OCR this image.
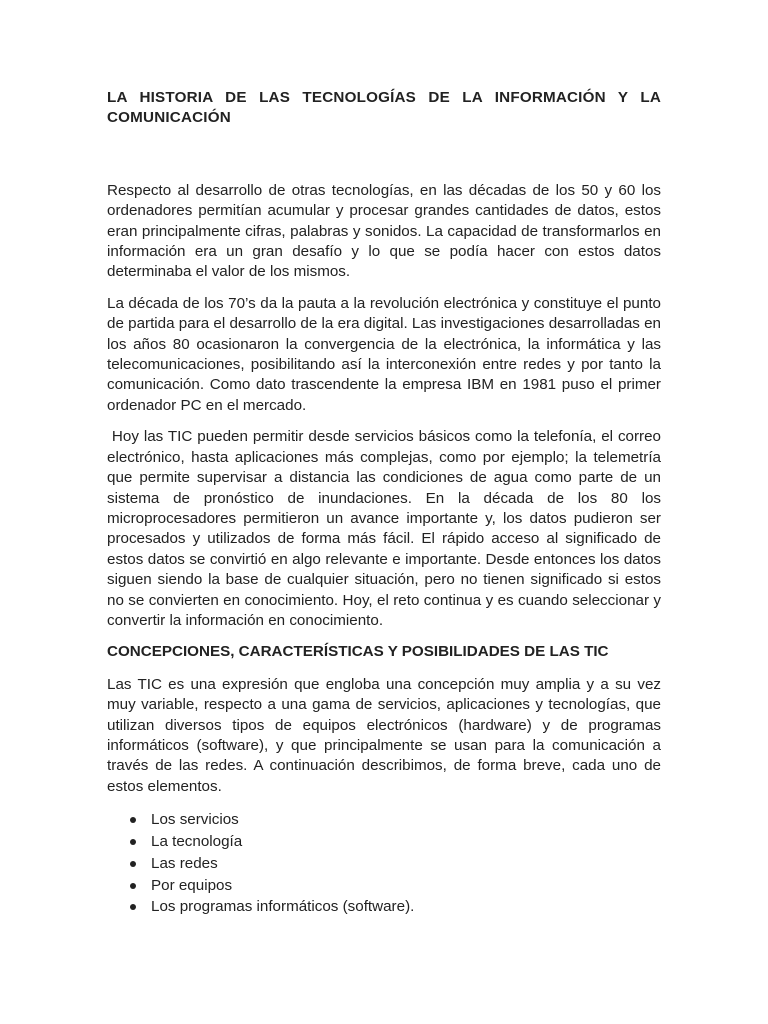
LA HISTORIA DE LAS TECNOLOGÍAS DE LA INFORMACIÓN Y LA COMUNICACIÓN

Respecto al desarrollo de otras tecnologías, en las décadas de los 50 y 60 los ordenadores permitían acumular y procesar grandes cantidades de datos, estos eran principalmente cifras, palabras y sonidos. La capacidad de transformarlos en información era un gran desafío y lo que se podía hacer con estos datos determinaba el valor de los mismos.

La década de los 70’s da la pauta a la revolución electrónica y constituye el punto de partida para el desarrollo de la era digital. Las investigaciones desarrolladas en los años 80 ocasionaron la convergencia de la electrónica, la informática y las telecomunicaciones, posibilitando así la interconexión entre redes y por tanto la comunicación. Como dato trascendente la empresa IBM en 1981 puso el primer ordenador PC en el mercado.

Hoy las TIC pueden permitir desde servicios básicos como la telefonía, el correo electrónico, hasta aplicaciones más complejas, como por ejemplo; la telemetría que permite supervisar a distancia las condiciones de agua como parte de un sistema de pronóstico de inundaciones. En la década de los 80 los microprocesadores permitieron un avance importante y, los datos pudieron ser procesados y utilizados de forma más fácil. El rápido acceso al significado de estos datos se convirtió en algo relevante e importante. Desde entonces los datos siguen siendo la base de cualquier situación, pero no tienen significado si estos no se convierten en conocimiento. Hoy, el reto continua y es cuando seleccionar y convertir la información en conocimiento.

CONCEPCIONES, CARACTERÍSTICAS Y POSIBILIDADES DE LAS TIC

Las TIC es una expresión que engloba una concepción muy amplia y a su vez muy variable, respecto a una gama de servicios, aplicaciones y tecnologías, que utilizan diversos tipos de equipos electrónicos (hardware) y de programas informáticos (software), y que principalmente se usan para la comunicación a través de las redes. A continuación describimos, de forma breve, cada uno de estos elementos.

Los servicios
La tecnología
Las redes
Por equipos
Los programas informáticos (software).
